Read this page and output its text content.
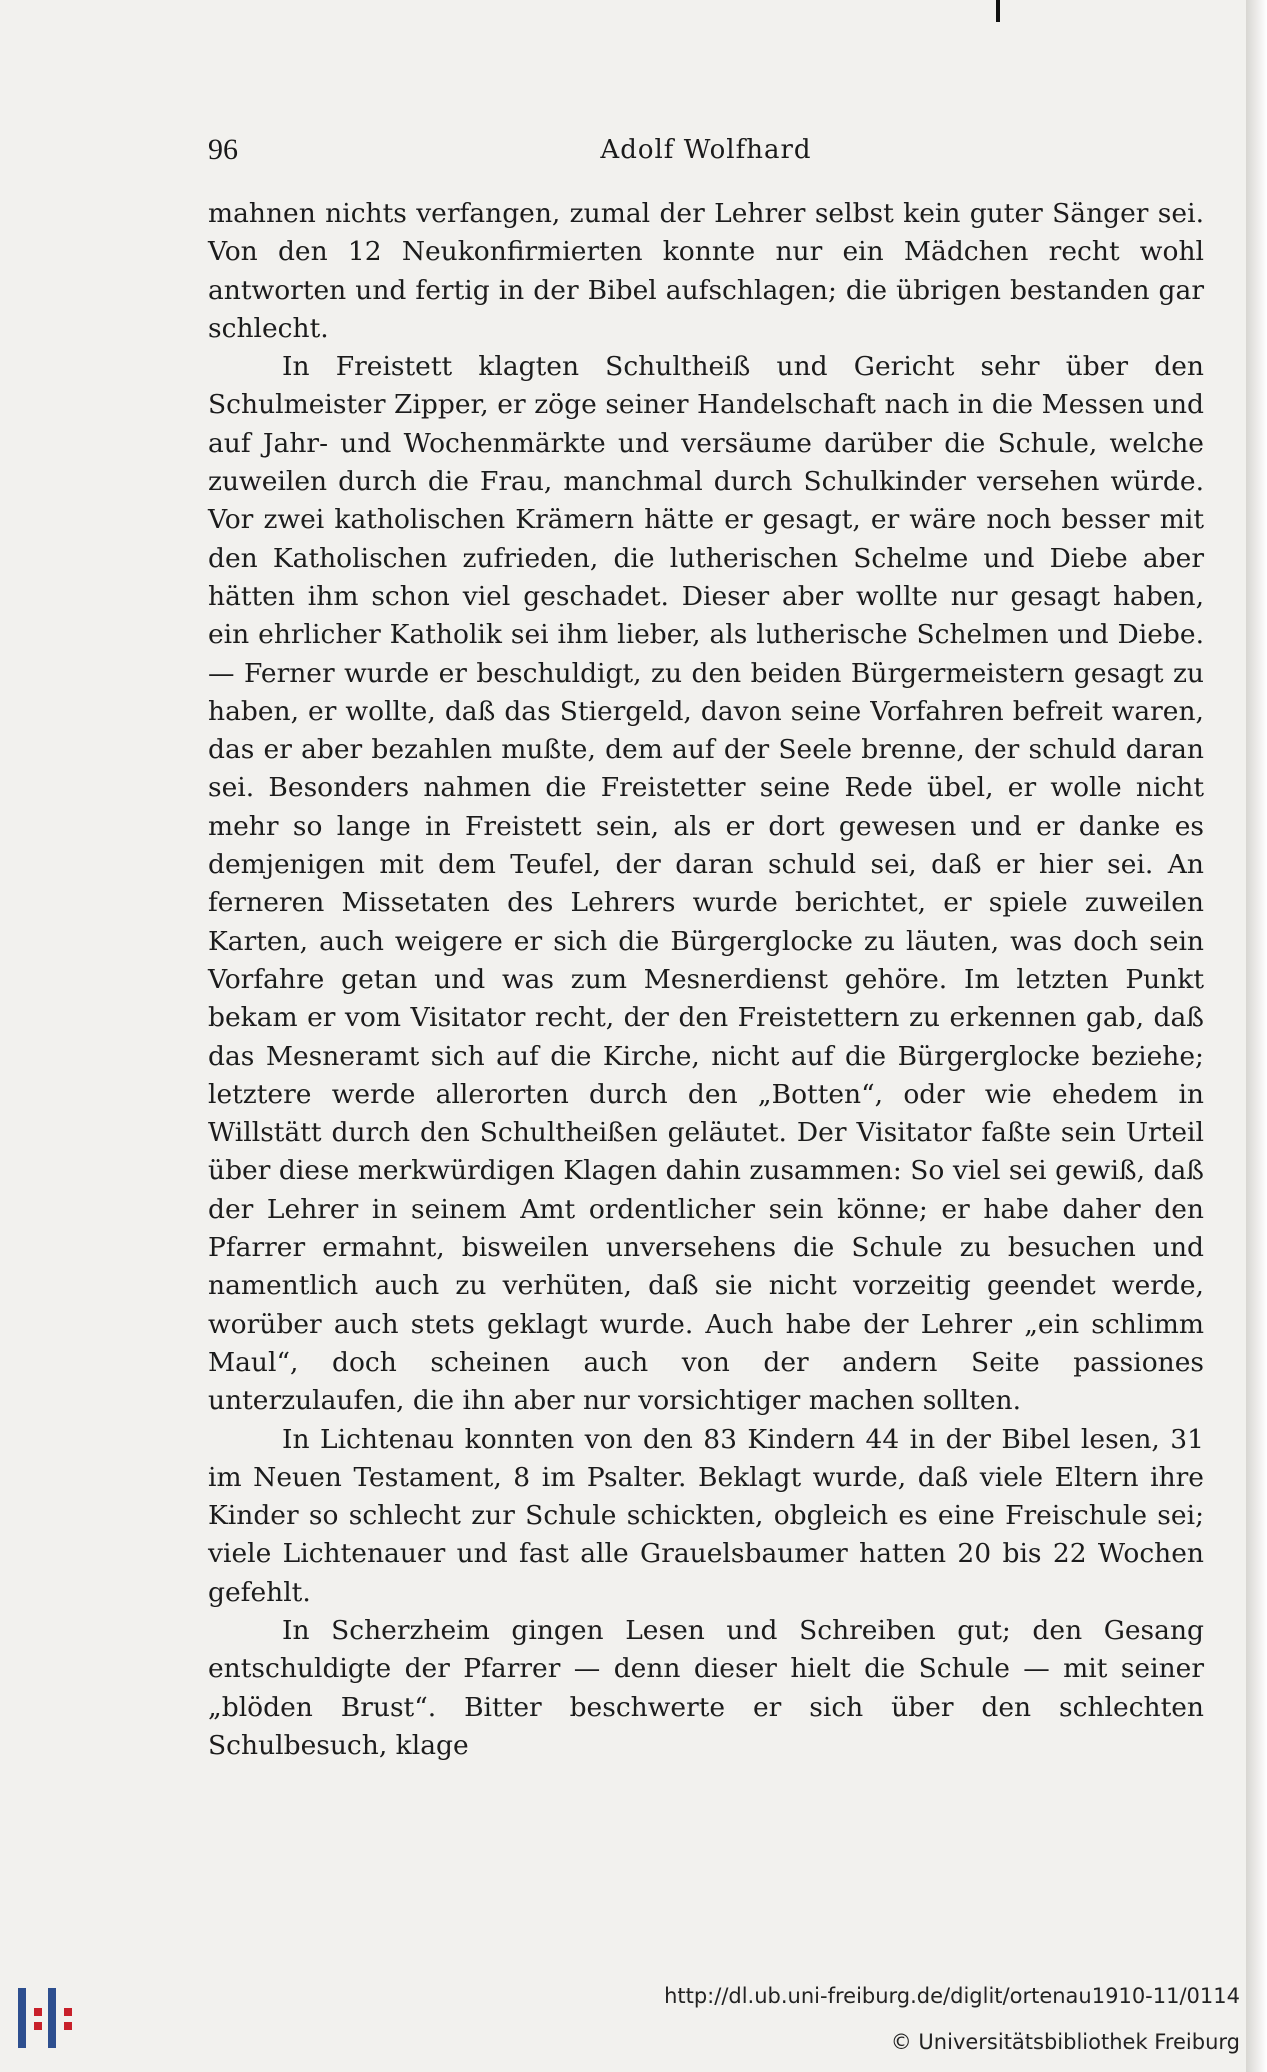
96	Adolf Wolfhard

mahnen nichts verfangen, zumal der Lehrer selbst kein guter Sänger sei. Von den 12 Neukonfirmierten konnte nur ein Mädchen recht wohl antworten und fertig in der Bibel aufschlagen; die übrigen bestanden gar schlecht.

In Freistett klagten Schultheiß und Gericht sehr über den Schulmeister Zipper, er zöge seiner Handelschaft nach in die Messen und auf Jahr- und Wochenmärkte und versäume darüber die Schule, welche zuweilen durch die Frau, manchmal durch Schulkinder versehen würde. Vor zwei katholischen Krämern hätte er gesagt, er wäre noch besser mit den Katholischen zufrieden, die lutherischen Schelme und Diebe aber hätten ihm schon viel geschadet. Dieser aber wollte nur gesagt haben, ein ehrlicher Katholik sei ihm lieber, als lutherische Schelmen und Diebe. — Ferner wurde er beschuldigt, zu den beiden Bürgermeistern gesagt zu haben, er wollte, daß das Stiergeld, davon seine Vorfahren befreit waren, das er aber bezahlen mußte, dem auf der Seele brenne, der schuld daran sei. Besonders nahmen die Freistetter seine Rede übel, er wolle nicht mehr so lange in Freistett sein, als er dort gewesen und er danke es demjenigen mit dem Teufel, der daran schuld sei, daß er hier sei. An ferneren Missetaten des Lehrers wurde berichtet, er spiele zuweilen Karten, auch weigere er sich die Bürgerglocke zu läuten, was doch sein Vorfahre getan und was zum Mesnerdienst gehöre. Im letzten Punkt bekam er vom Visitator recht, der den Freistettern zu erkennen gab, daß das Mesneramt sich auf die Kirche, nicht auf die Bürgerglocke beziehe; letztere werde allerorten durch den „Botten“, oder wie ehedem in Willstätt durch den Schultheißen geläutet. Der Visitator faßte sein Urteil über diese merkwürdigen Klagen dahin zusammen: So viel sei gewiß, daß der Lehrer in seinem Amt ordentlicher sein könne; er habe daher den Pfarrer ermahnt, bisweilen unversehens die Schule zu besuchen und namentlich auch zu verhüten, daß sie nicht vorzeitig geendet werde, worüber auch stets geklagt wurde. Auch habe der Lehrer „ein schlimm Maul“, doch scheinen auch von der andern Seite passiones unterzulaufen, die ihn aber nur vorsichtiger machen sollten.

In Lichtenau konnten von den 83 Kindern 44 in der Bibel lesen, 31 im Neuen Testament, 8 im Psalter. Beklagt wurde, daß viele Eltern ihre Kinder so schlecht zur Schule schickten, obgleich es eine Freischule sei; viele Lichtenauer und fast alle Grauelsbaumer hatten 20 bis 22 Wochen gefehlt.

In Scherzheim gingen Lesen und Schreiben gut; den Gesang entschuldigte der Pfarrer — denn dieser hielt die Schule — mit seiner „blöden Brust“. Bitter beschwerte er sich über den schlechten Schulbesuch, klage

http://dl.ub.uni-freiburg.de/diglit/ortenau1910-11/0114
© Universitätsbibliothek Freiburg
